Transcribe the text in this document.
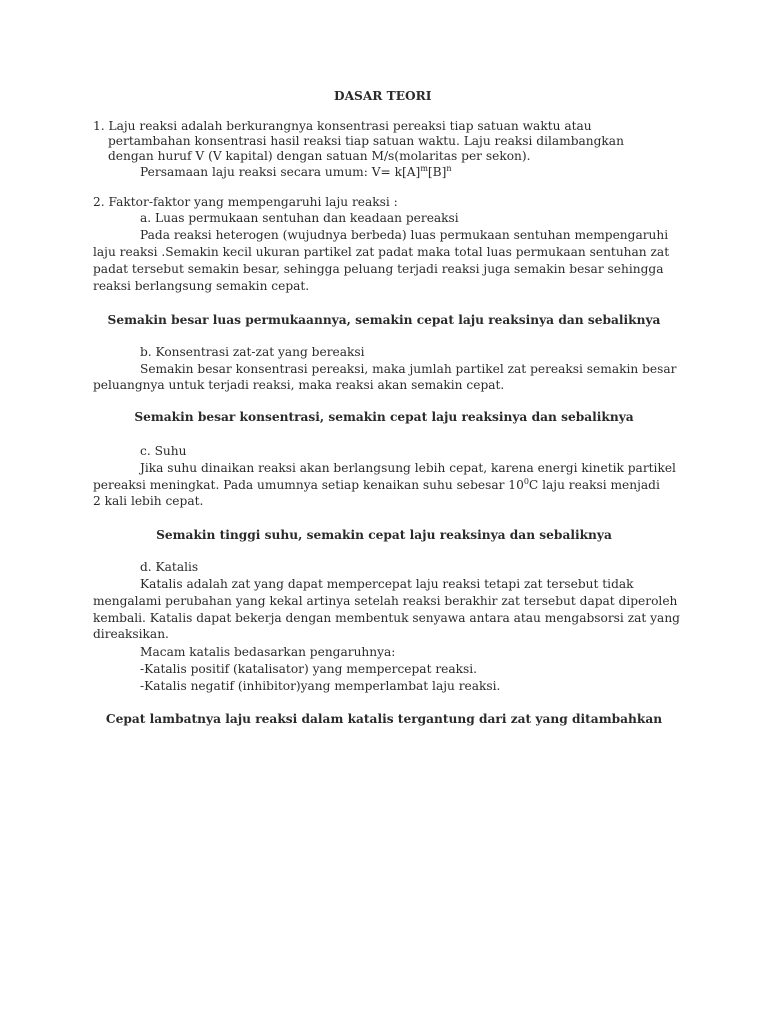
DASAR TEORI
1. Laju reaksi adalah berkurangnya konsentrasi pereaksi tiap satuan waktu atau
pertambahan konsentrasi hasil reaksi tiap satuan waktu. Laju reaksi dilambangkan
dengan huruf V (V kapital) dengan satuan M/s(molaritas per sekon).
Persamaan laju reaksi secara umum: $V= k[A]^m[B]^n$
2. Faktor-faktor yang mempengaruhi laju reaksi :
a. Luas permukaan sentuhan dan keadaan pereaksi
Pada reaksi heterogen (wujudnya berbeda) luas permukaan sentuhan mempengaruhi
laju reaksi .Semakin kecil ukuran partikel zat padat maka total luas permukaan sentuhan zat
padat tersebut semakin besar, sehingga peluang terjadi reaksi juga semakin besar sehingga
reaksi berlangsung semakin cepat.
Semakin besar luas permukaannya, semakin cepat laju reaksinya dan sebaliknya
b. Konsentrasi zat-zat yang bereaksi
Semakin besar konsentrasi pereaksi, maka jumlah partikel zat pereaksi semakin besar
peluangnya untuk terjadi reaksi, maka reaksi akan semakin cepat.
Semakin besar konsentrasi, semakin cepat laju reaksinya dan sebaliknya
c. Suhu
Jika suhu dinaikan reaksi akan berlangsung lebih cepat, karena energi kinetik partikel
pereaksi meningkat. Pada umumnya setiap kenaikan suhu sebesar $10^0C$ laju reaksi menjadi
2 kali lebih cepat.
Semakin tinggi suhu, semakin cepat laju reaksinya dan sebaliknya
d. Katalis
Katalis adalah zat yang dapat mempercepat laju reaksi tetapi zat tersebut tidak
mengalami perubahan yang kekal artinya setelah reaksi berakhir zat tersebut dapat diperoleh
kembali. Katalis dapat bekerja dengan membentuk senyawa antara atau mengabsorsi zat yang
direaksikan.
Macam katalis bedasarkan pengaruhnya:
-Katalis positif (katalisator) yang mempercepat reaksi.
-Katalis negatif (inhibitor)yang memperlambat laju reaksi.
Cepat lambatnya laju reaksi dalam katalis tergantung dari zat yang ditambahkan
